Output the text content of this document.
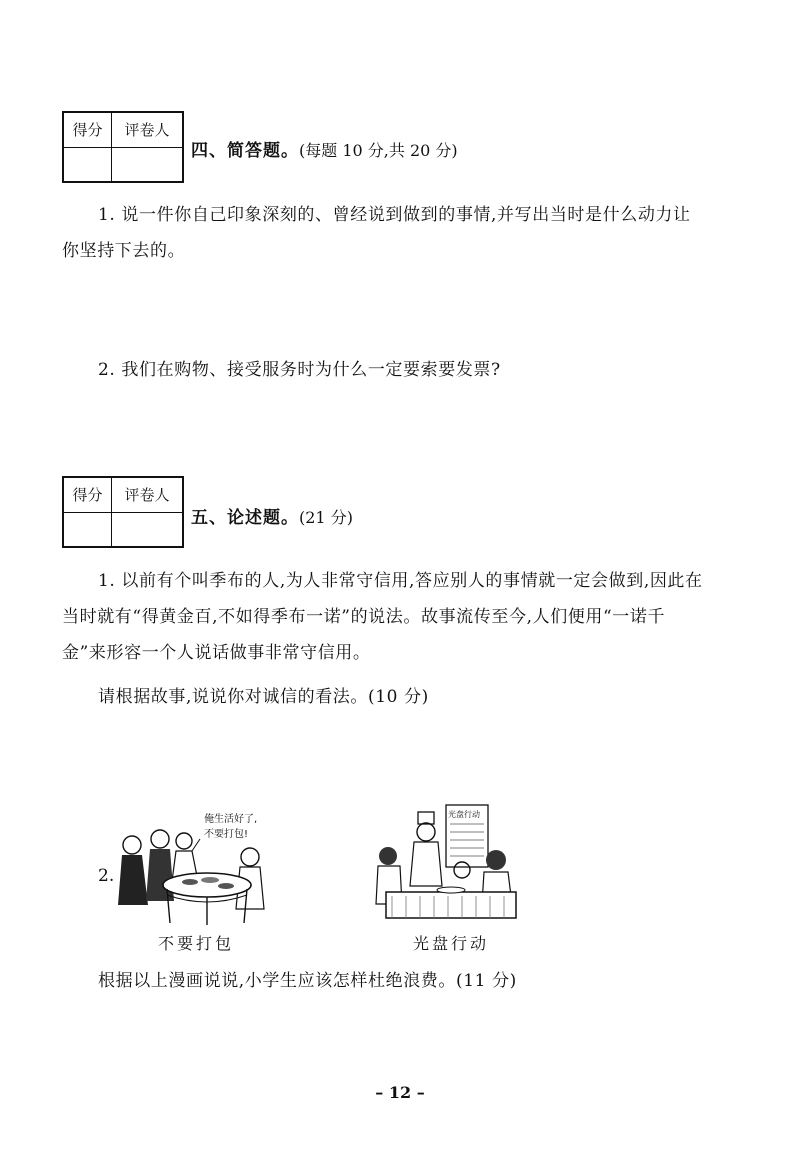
得分	评卷人

四、简答题。(每题 10 分,共 20 分)
1. 说一件你自己印象深刻的、曾经说到做到的事情,并写出当时是什么动力让你坚持下去的。
2. 我们在购物、接受服务时为什么一定要索要发票?
得分	评卷人

五、论述题。(21 分)
1. 以前有个叫季布的人,为人非常守信用,答应别人的事情就一定会做到,因此在当时就有“得黄金百,不如得季布一诺”的说法。故事流传至今,人们便用“一诺千金”来形容一个人说话做事非常守信用。
请根据故事,说说你对诚信的看法。(10 分)
2.
俺生活好了,
不要打包!
不要打包
光盘行动
光盘行动
根据以上漫画说说,小学生应该怎样杜绝浪费。(11 分)
– 12 –
